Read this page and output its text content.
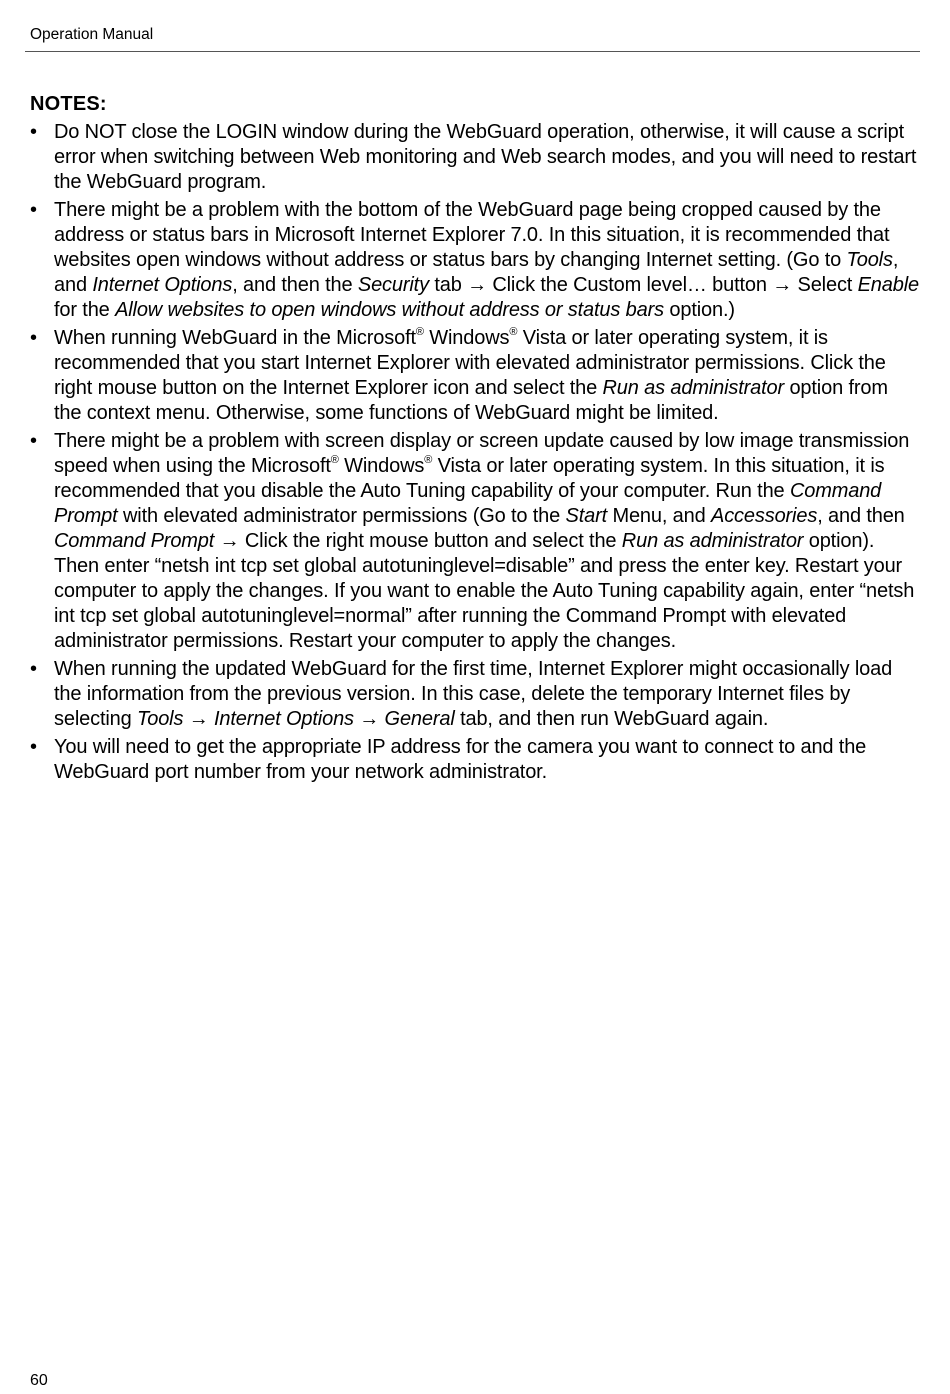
Operation Manual
NOTES:
• Do NOT close the LOGIN window during the WebGuard operation, otherwise, it will cause a script error when switching between Web monitoring and Web search modes, and you will need to restart the WebGuard program.
• There might be a problem with the bottom of the WebGuard page being cropped caused by the address or status bars in Microsoft Internet Explorer 7.0. In this situation, it is recommended that websites open windows without address or status bars by changing Internet setting. (Go to Tools, and Internet Options, and then the Security tab → Click the Custom level… button → Select Enable for the Allow websites to open windows without address or status bars option.)
• When running WebGuard in the Microsoft® Windows® Vista or later operating system, it is recommended that you start Internet Explorer with elevated administrator permissions. Click the right mouse button on the Internet Explorer icon and select the Run as administrator option from the context menu. Otherwise, some functions of WebGuard might be limited.
• There might be a problem with screen display or screen update caused by low image transmission speed when using the Microsoft® Windows® Vista or later operating system. In this situation, it is recommended that you disable the Auto Tuning capability of your computer. Run the Command Prompt with elevated administrator permissions (Go to the Start Menu, and Accessories, and then Command Prompt → Click the right mouse button and select the Run as administrator option). Then enter “netsh int tcp set global autotuninglevel=disable” and press the enter key. Restart your computer to apply the changes. If you want to enable the Auto Tuning capability again, enter “netsh int tcp set global autotuninglevel=normal” after running the Command Prompt with elevated administrator permissions. Restart your computer to apply the changes.
• When running the updated WebGuard for the first time, Internet Explorer might occasionally load the information from the previous version. In this case, delete the temporary Internet files by selecting Tools → Internet Options → General tab, and then run WebGuard again.
• You will need to get the appropriate IP address for the camera you want to connect to and the WebGuard port number from your network administrator.
60
